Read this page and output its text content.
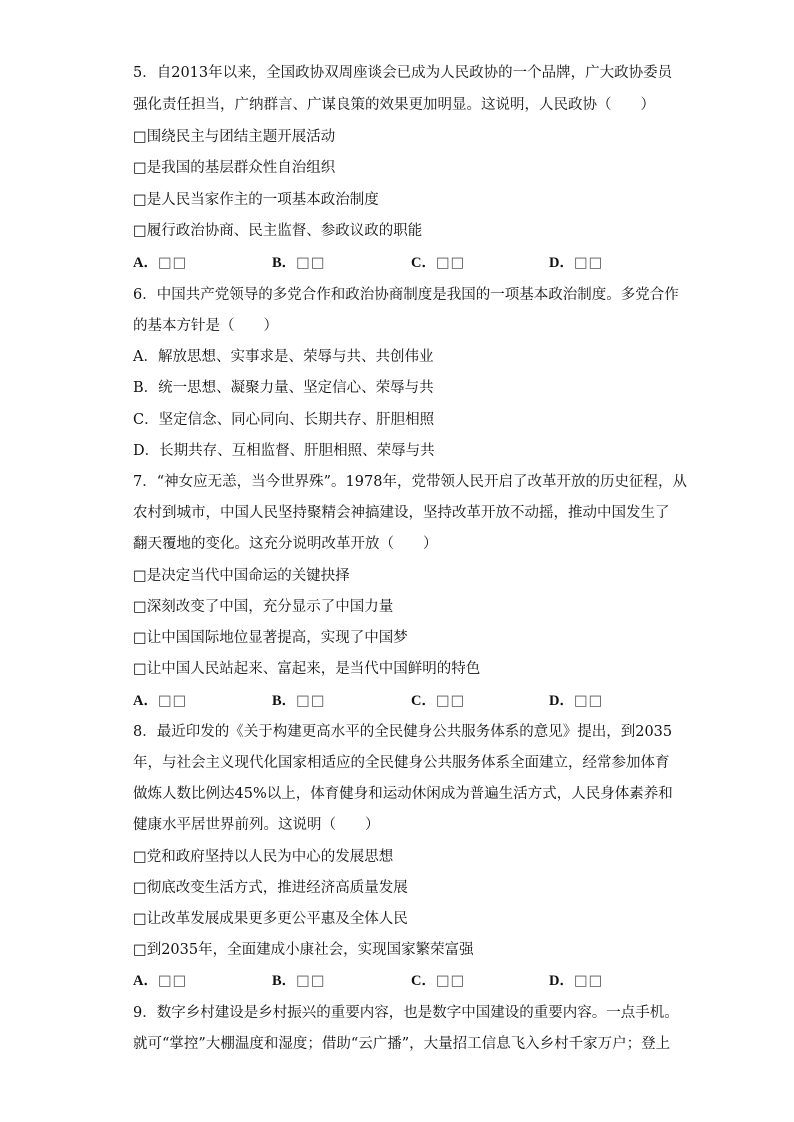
5．自2013年以来，全国政协双周座谈会已成为人民政协的一个品牌，广大政协委员
强化责任担当，广纳群言、广谋良策的效果更加明显。这说明，人民政协（　　）
□围绕民主与团结主题开展活动
□是我国的基层群众性自治组织
□是人民当家作主的一项基本政治制度
□履行政治协商、民主监督、参政议政的职能
A．□□	B．□□	C．□□	D．□□
6．中国共产党领导的多党合作和政治协商制度是我国的一项基本政治制度。多党合作
的基本方针是（　　）
A．解放思想、实事求是、荣辱与共、共创伟业
B．统一思想、凝聚力量、坚定信心、荣辱与共
C．坚定信念、同心同向、长期共存、肝胆相照
D．长期共存、互相监督、肝胆相照、荣辱与共
7．“神女应无恙，当今世界殊”。1978年，党带领人民开启了改革开放的历史征程，从
农村到城市，中国人民坚持聚精会神搞建设，坚持改革开放不动摇，推动中国发生了
翻天覆地的变化。这充分说明改革开放（　　）
□是决定当代中国命运的关键抉择
□深刻改变了中国，充分显示了中国力量
□让中国国际地位显著提高，实现了中国梦
□让中国人民站起来、富起来，是当代中国鲜明的特色
A．□□	B．□□	C．□□	D．□□
8．最近印发的《关于构建更高水平的全民健身公共服务体系的意见》提出，到2035
年，与社会主义现代化国家相适应的全民健身公共服务体系全面建立，经常参加体育
做炼人数比例达45%以上，体育健身和运动休闲成为普遍生活方式，人民身体素养和
健康水平居世界前列。这说明（　　）
□党和政府坚持以人民为中心的发展思想
□彻底改变生活方式，推进经济高质量发展
□让改革发展成果更多更公平惠及全体人民
□到2035年，全面建成小康社会，实现国家繁荣富强
A．□□	B．□□	C．□□	D．□□
9．数字乡村建设是乡村振兴的重要内容，也是数字中国建设的重要内容。一点手机。
就可“掌控”大棚温度和湿度；借助“云广播”，大量招工信息飞入乡村千家万户；登上
